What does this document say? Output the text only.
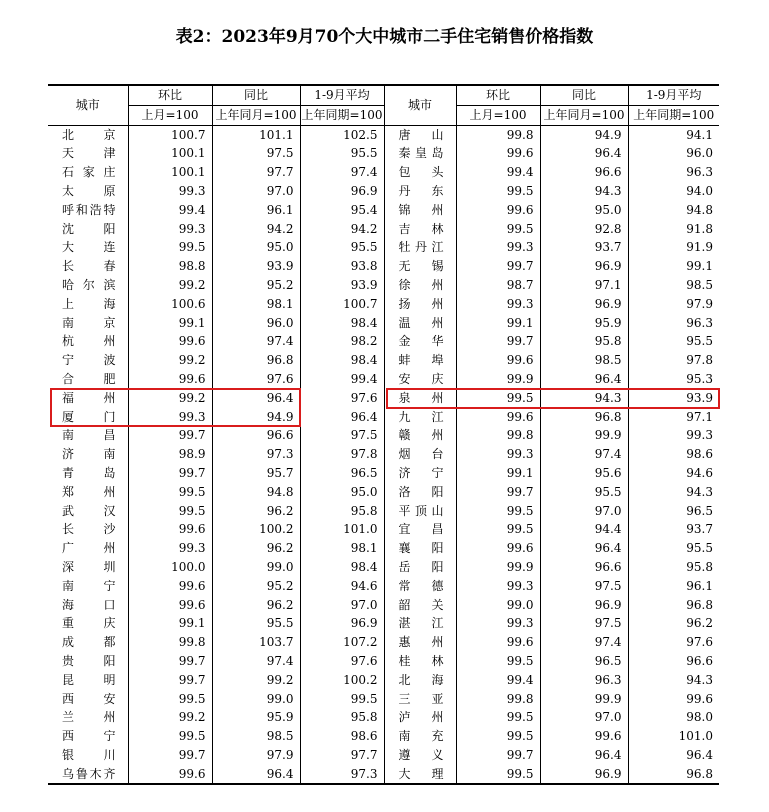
表2：2023年9月70个大中城市二手住宅销售价格指数
城市	环比	同比	1-9月平均	城市	环比	同比	1-9月平均
	上月=100	上年同月=100	上年同期=100		上月=100	上年同月=100	上年同期=100
北京	100.7	101.1	102.5	唐山	99.8	94.9	94.1
天津	100.1	97.5	95.5	秦皇岛	99.6	96.4	96.0
石家庄	100.1	97.7	97.4	包头	99.4	96.6	96.3
太原	99.3	97.0	96.9	丹东	99.5	94.3	94.0
呼和浩特	99.4	96.1	95.4	锦州	99.6	95.0	94.8
沈阳	99.3	94.2	94.2	吉林	99.5	92.8	91.8
大连	99.5	95.0	95.5	牡丹江	99.3	93.7	91.9
长春	98.8	93.9	93.8	无锡	99.7	96.9	99.1
哈尔滨	99.2	95.2	93.9	徐州	98.7	97.1	98.5
上海	100.6	98.1	100.7	扬州	99.3	96.9	97.9
南京	99.1	96.0	98.4	温州	99.1	95.9	96.3
杭州	99.6	97.4	98.2	金华	99.7	95.8	95.5
宁波	99.2	96.8	98.4	蚌埠	99.6	98.5	97.8
合肥	99.6	97.6	99.4	安庆	99.9	96.4	95.3
福州	99.2	96.4	97.6	泉州	99.5	94.3	93.9
厦门	99.3	94.9	96.4	九江	99.6	96.8	97.1
南昌	99.7	96.6	97.5	赣州	99.8	99.9	99.3
济南	98.9	97.3	97.8	烟台	99.3	97.4	98.6
青岛	99.7	95.7	96.5	济宁	99.1	95.6	94.6
郑州	99.5	94.8	95.0	洛阳	99.7	95.5	94.3
武汉	99.5	96.2	95.8	平顶山	99.5	97.0	96.5
长沙	99.6	100.2	101.0	宜昌	99.5	94.4	93.7
广州	99.3	96.2	98.1	襄阳	99.6	96.4	95.5
深圳	100.0	99.0	98.4	岳阳	99.9	96.6	95.8
南宁	99.6	95.2	94.6	常德	99.3	97.5	96.1
海口	99.6	96.2	97.0	韶关	99.0	96.9	96.8
重庆	99.1	95.5	96.9	湛江	99.3	97.5	96.2
成都	99.8	103.7	107.2	惠州	99.6	97.4	97.6
贵阳	99.7	97.4	97.6	桂林	99.5	96.5	96.6
昆明	99.7	99.2	100.2	北海	99.4	96.3	94.3
西安	99.5	99.0	99.5	三亚	99.8	99.9	99.6
兰州	99.2	95.9	95.8	泸州	99.5	97.0	98.0
西宁	99.5	98.5	98.6	南充	99.5	99.6	101.0
银川	99.7	97.9	97.7	遵义	99.7	96.4	96.4
乌鲁木齐	99.6	96.4	97.3	大理	99.5	96.9	96.8
